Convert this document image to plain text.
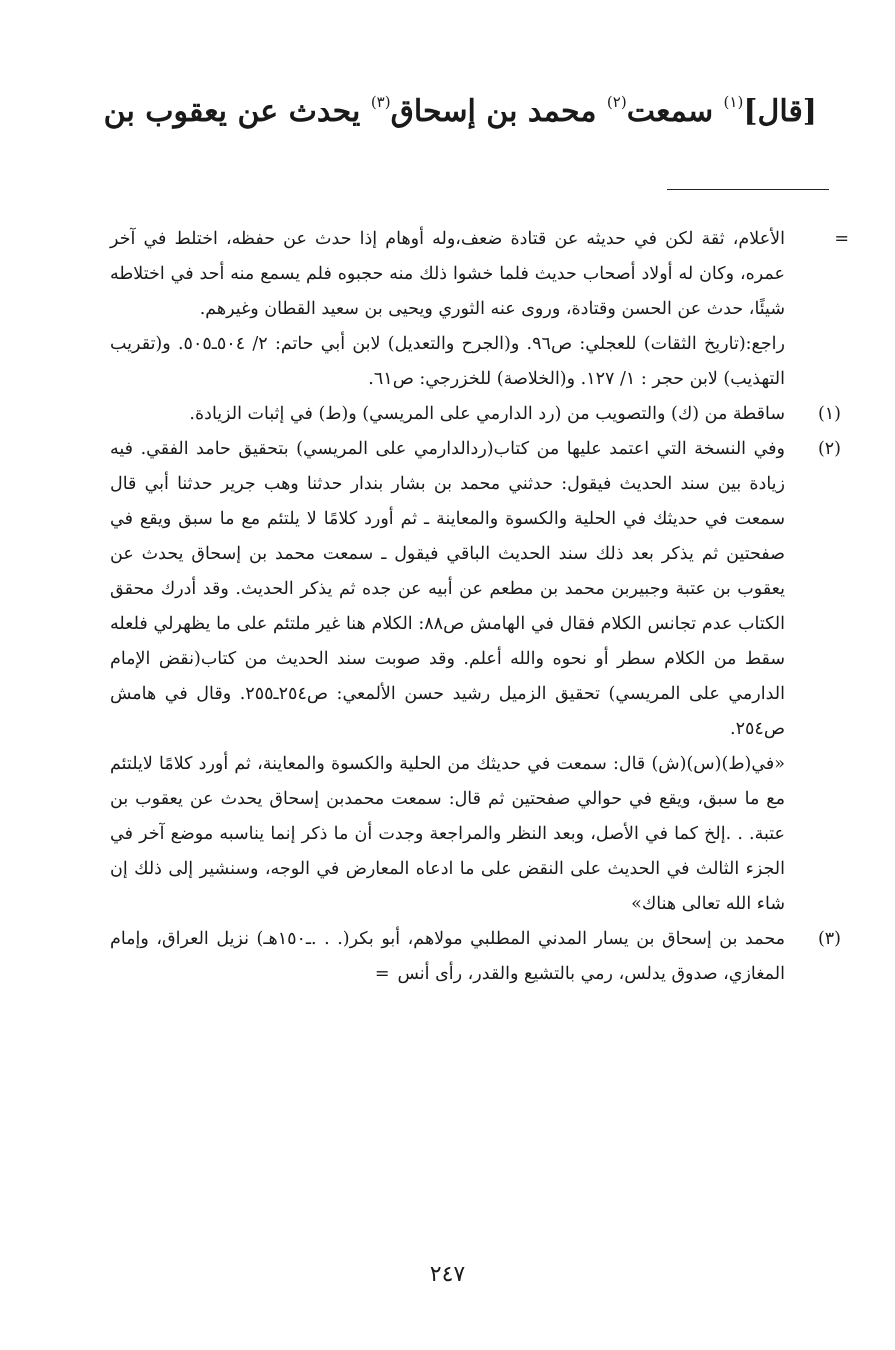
[قال]$^{(١)}$ سمعت$^{(٢)}$ محمد بن إسحاق$^{(٣)}$ يحدث عن يعقوب بن
=

الأعلام، ثقة لكن في حديثه عن قتادة ضعف،وله أوهام إذا حدث عن حفظه، اختلط في آخر عمره، وكان له أولاد أصحاب حديث فلما خشوا ذلك منه حجبوه فلم يسمع منه أحد في اختلاطه شيئًا، حدث عن الحسن وقتادة، وروى عنه الثوري ويحيى بن سعيد القطان وغيرهم.

راجع:(تاريخ الثقات) للعجلي: ص٩٦. و(الجرح والتعديل) لابن أبي حاتم: ٢/ ٥٠٤ـ٥٠٥. و(تقريب التهذيب) لابن حجر : ١/ ١٢٧. و(الخلاصة) للخزرجي: ص٦١.

(١)

ساقطة من (ك) والتصويب من (رد الدارمي على المريسي) و(ط) في إثبات الزيادة.

(٢)

وفي النسخة التي اعتمد عليها من كتاب(ردالدارمي على المريسي) بتحقيق حامد الفقي. فيه زيادة بين سند الحديث فيقول: حدثني محمد بن بشار بندار حدثنا وهب جرير حدثنا أبي قال سمعت في حديثك في الحلية والكسوة والمعاينة ـ ثم أورد كلامًا لا يلتئم مع ما سبق ويقع في صفحتين ثم يذكر بعد ذلك سند الحديث الباقي فيقول ـ سمعت محمد بن إسحاق يحدث عن يعقوب بن عتبة وجبيربن محمد بن مطعم عن أبيه عن جده ثم يذكر الحديث. وقد أدرك محقق الكتاب عدم تجانس الكلام فقال في الهامش ص٨٨: الكلام هنا غير ملتئم على ما يظهرلي فلعله سقط من الكلام سطر أو نحوه والله أعلم. وقد صوبت سند الحديث من كتاب(نقض الإمام الدارمي على المريسي) تحقيق الزميل رشيد حسن الألمعي: ص٢٥٤ـ٢٥٥. وقال في هامش ص٢٥٤.

«في(ط)(س)(ش) قال: سمعت في حديثك من الحلية والكسوة والمعاينة، ثم أورد كلامًا لايلتئم مع ما سبق، ويقع في حوالي صفحتين ثم قال: سمعت محمدبن إسحاق يحدث عن يعقوب بن عتبة. . .إلخ كما في الأصل، وبعد النظر والمراجعة وجدت أن ما ذكر إنما يناسبه موضع آخر في الجزء الثالث في الحديث على النقض على ما ادعاه المعارض في الوجه، وسنشير إلى ذلك إن شاء الله تعالى هناك»

(٣)

محمد بن إسحاق بن يسار المدني المطلبي مولاهم، أبو بكر(. . .ـ١٥٠هـ) نزيل العراق، وإمام المغازي، صدوق يدلس، رمي بالتشيع والقدر، رأى أنس=

٢٤٧
